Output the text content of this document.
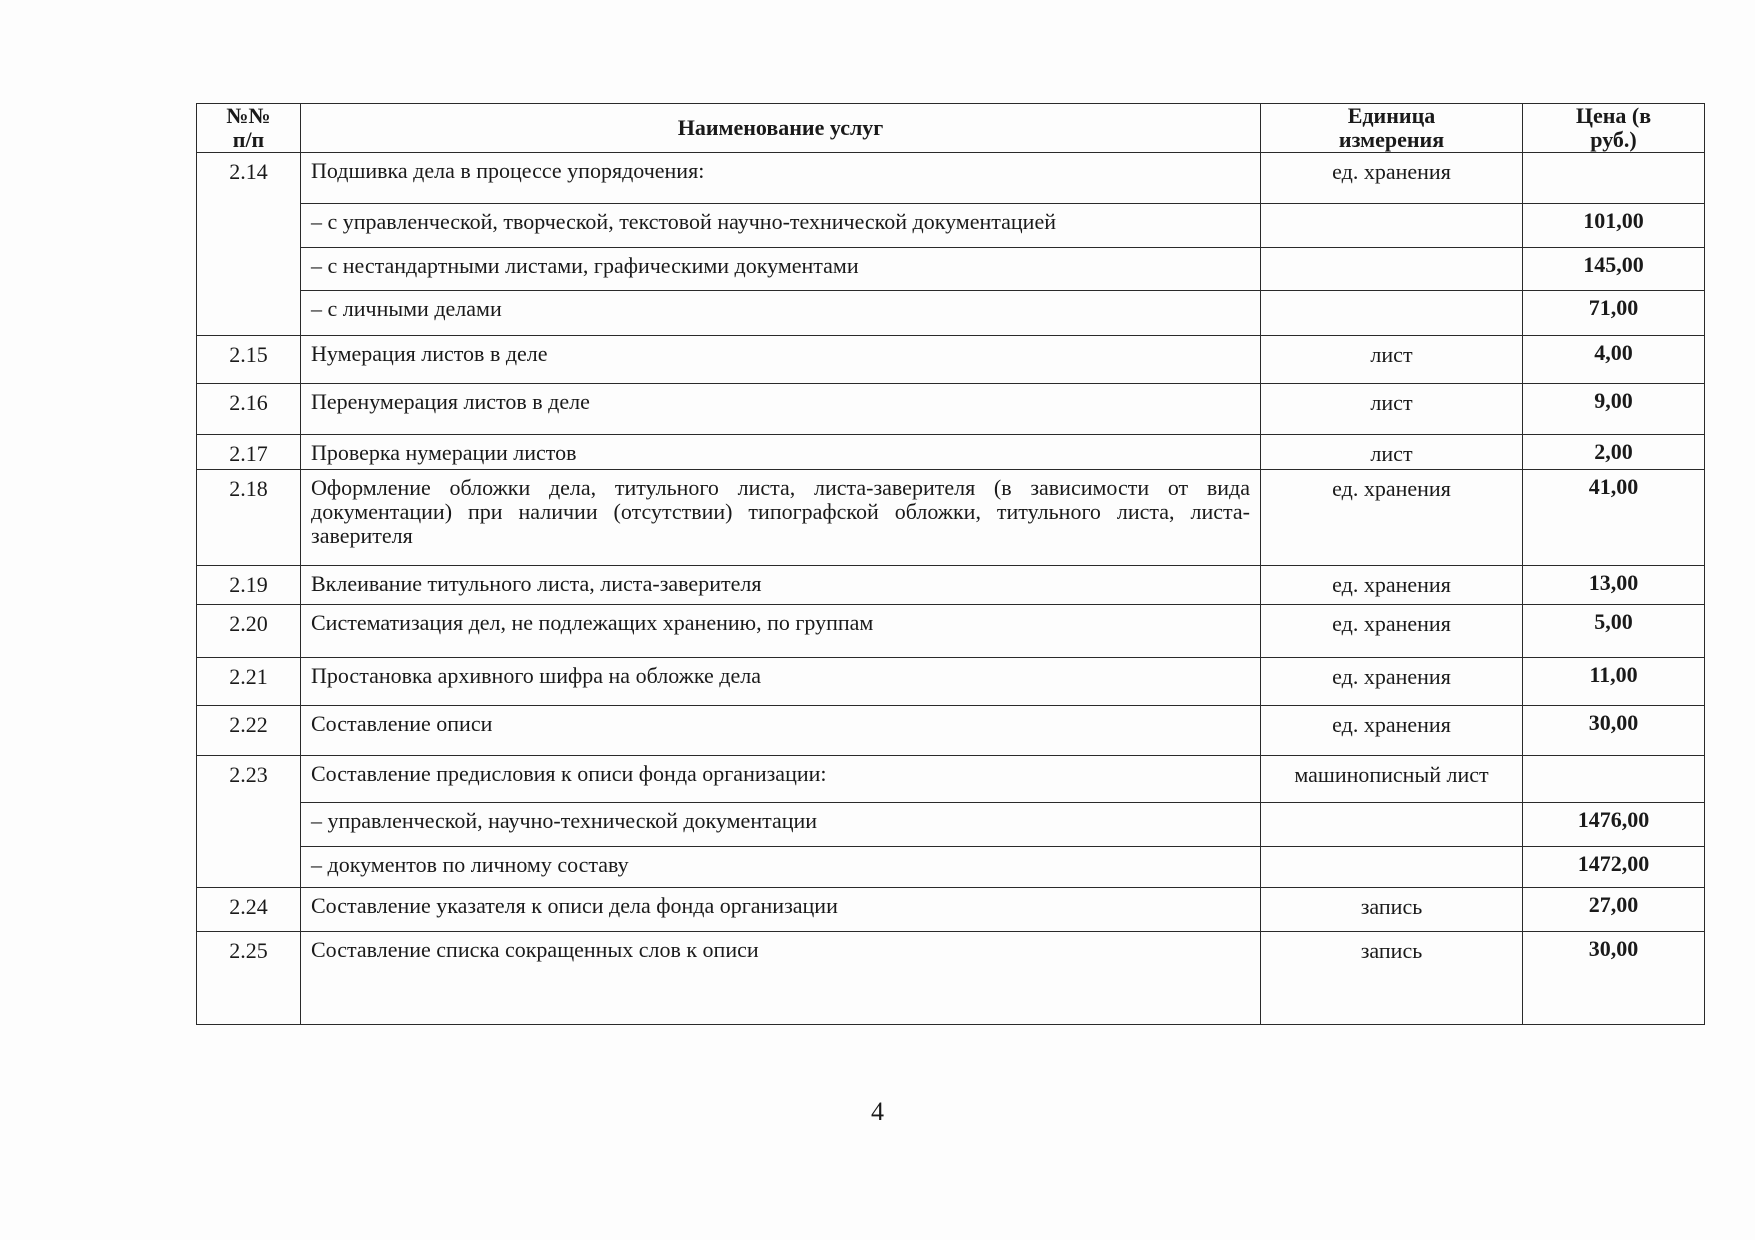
№№ п/п	Наименование услуг	Единица измерения	Цена (в руб.)
2.14	Подшивка дела в процессе упорядочения:	ед. хранения	
	– с управленческой, творческой, текстовой научно-технической документацией		101,00
	– с нестандартными листами, графическими документами		145,00
	– с личными делами		71,00
2.15	Нумерация листов в деле	лист	4,00
2.16	Перенумерация листов в деле	лист	9,00
2.17	Проверка нумерации листов	лист	2,00
2.18	Оформление обложки дела, титульного листа, листа-заверителя (в зависимости от вида документации) при наличии (отсутствии) типографской обложки, титульного листа, листа-заверителя	ед. хранения	41,00
2.19	Вклеивание титульного листа, листа-заверителя	ед. хранения	13,00
2.20	Систематизация дел, не подлежащих хранению, по группам	ед. хранения	5,00
2.21	Простановка архивного шифра на обложке дела	ед. хранения	11,00
2.22	Составление описи	ед. хранения	30,00
2.23	Составление предисловия к описи фонда организации:	машинописный лист	
	– управленческой, научно-технической документации		1476,00
	– документов по личному составу		1472,00
2.24	Составление указателя к описи дела фонда организации	запись	27,00
2.25	Составление списка сокращенных слов к описи	запись	30,00
4
